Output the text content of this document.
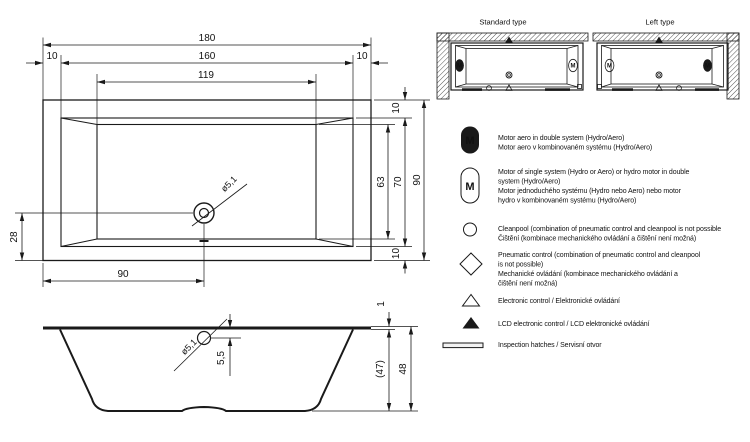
180
160
119
10	10
10
10
63 70 90
28
90
ø5,1
1
(47) 48
5,5
ø5,1
Standard type
M	M
Left type
M	M
M	Motor aero in double system (Hydro/Aero)
Motor aero v kombinovaném systému (Hydro/Aero)
M
Motor of single system (Hydro or Aero) or hydro motor in double
system (Hydro/Aero)
Motor jednoduchého systému (Hydro nebo Aero) nebo motor
hydro v kombinovaném systému (Hydro/Aero)
Cleanpool (combination of pneumatic control and cleanpool is not possible
Čištění (kombinace mechanického ovládání a čištění není možná)
Pneumatic control (combination of pneumatic control and cleanpool
is not possible)
Mechanické ovládání (kombinace mechanického ovládání a
čištění není možná)
Electronic control / Elektronické ovládání
LCD electronic control / LCD elektronické ovládání
Inspection hatches / Servisní otvor
